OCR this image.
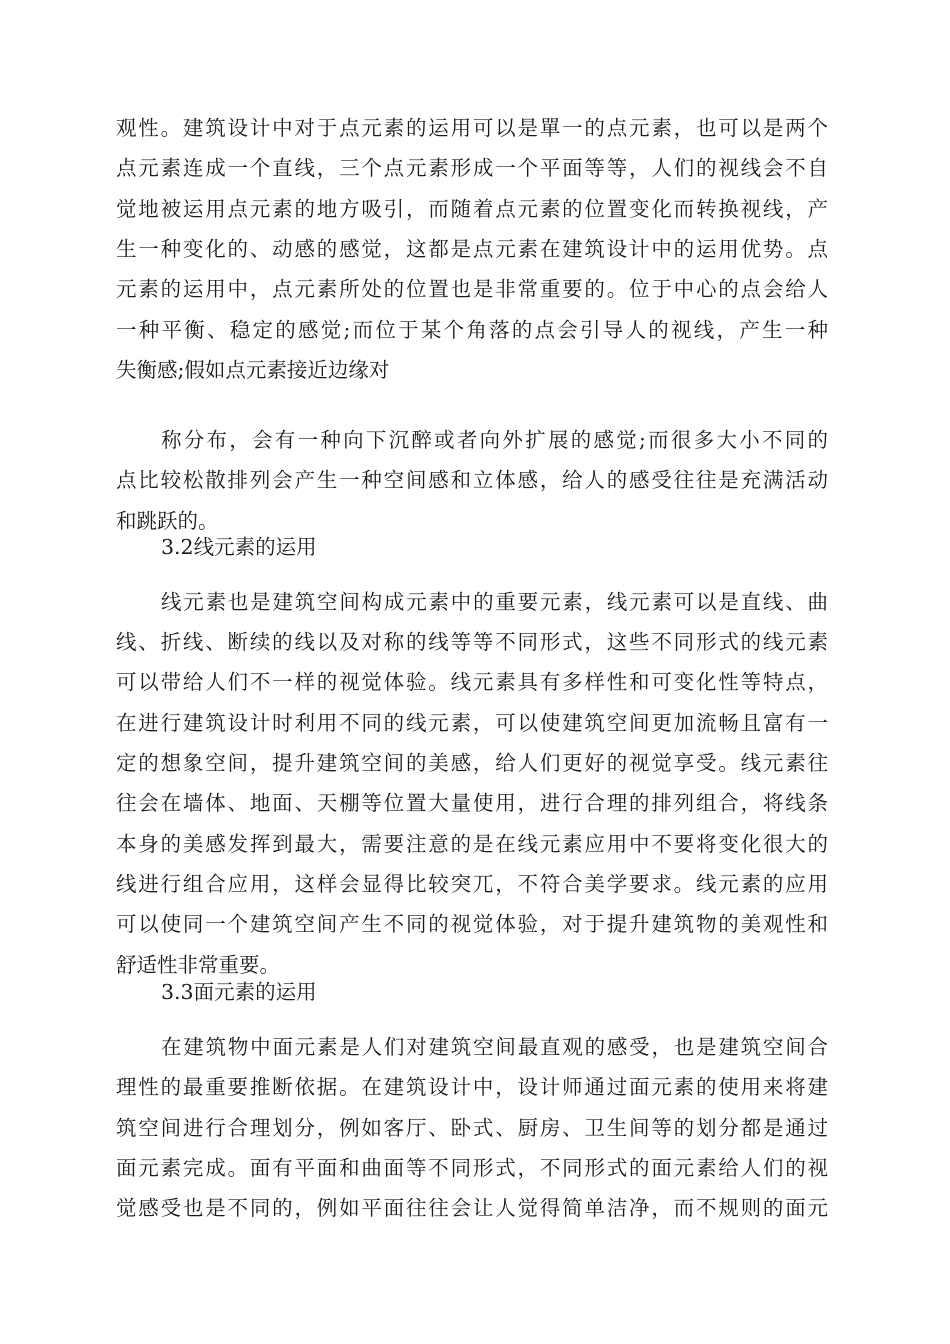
观性。建筑设计中对于点元素的运用可以是單一的点元素，也可以是两个
点元素连成一个直线，三个点元素形成一个平面等等，人们的视线会不自
觉地被运用点元素的地方吸引，而随着点元素的位置变化而转换视线，产
生一种变化的、动感的感觉，这都是点元素在建筑设计中的运用优势。点
元素的运用中，点元素所处的位置也是非常重要的。位于中心的点会给人
一种平衡、稳定的感觉;而位于某个角落的点会引导人的视线，产生一种
失衡感;假如点元素接近边缘对
称分布，会有一种向下沉醉或者向外扩展的感觉;而很多大小不同的
点比较松散排列会产生一种空间感和立体感，给人的感受往往是充满活动
和跳跃的。
3.2线元素的运用
线元素也是建筑空间构成元素中的重要元素，线元素可以是直线、曲
线、折线、断续的线以及对称的线等等不同形式，这些不同形式的线元素
可以带给人们不一样的视觉体验。线元素具有多样性和可变化性等特点，
在进行建筑设计时利用不同的线元素，可以使建筑空间更加流畅且富有一
定的想象空间，提升建筑空间的美感，给人们更好的视觉享受。线元素往
往会在墙体、地面、天棚等位置大量使用，进行合理的排列组合，将线条
本身的美感发挥到最大，需要注意的是在线元素应用中不要将变化很大的
线进行组合应用，这样会显得比较突兀，不符合美学要求。线元素的应用
可以使同一个建筑空间产生不同的视觉体验，对于提升建筑物的美观性和
舒适性非常重要。
3.3面元素的运用
在建筑物中面元素是人们对建筑空间最直观的感受，也是建筑空间合
理性的最重要推断依据。在建筑设计中，设计师通过面元素的使用来将建
筑空间进行合理划分，例如客厅、卧式、厨房、卫生间等的划分都是通过
面元素完成。面有平面和曲面等不同形式，不同形式的面元素给人们的视
觉感受也是不同的，例如平面往往会让人觉得简单洁净，而不规则的面元
